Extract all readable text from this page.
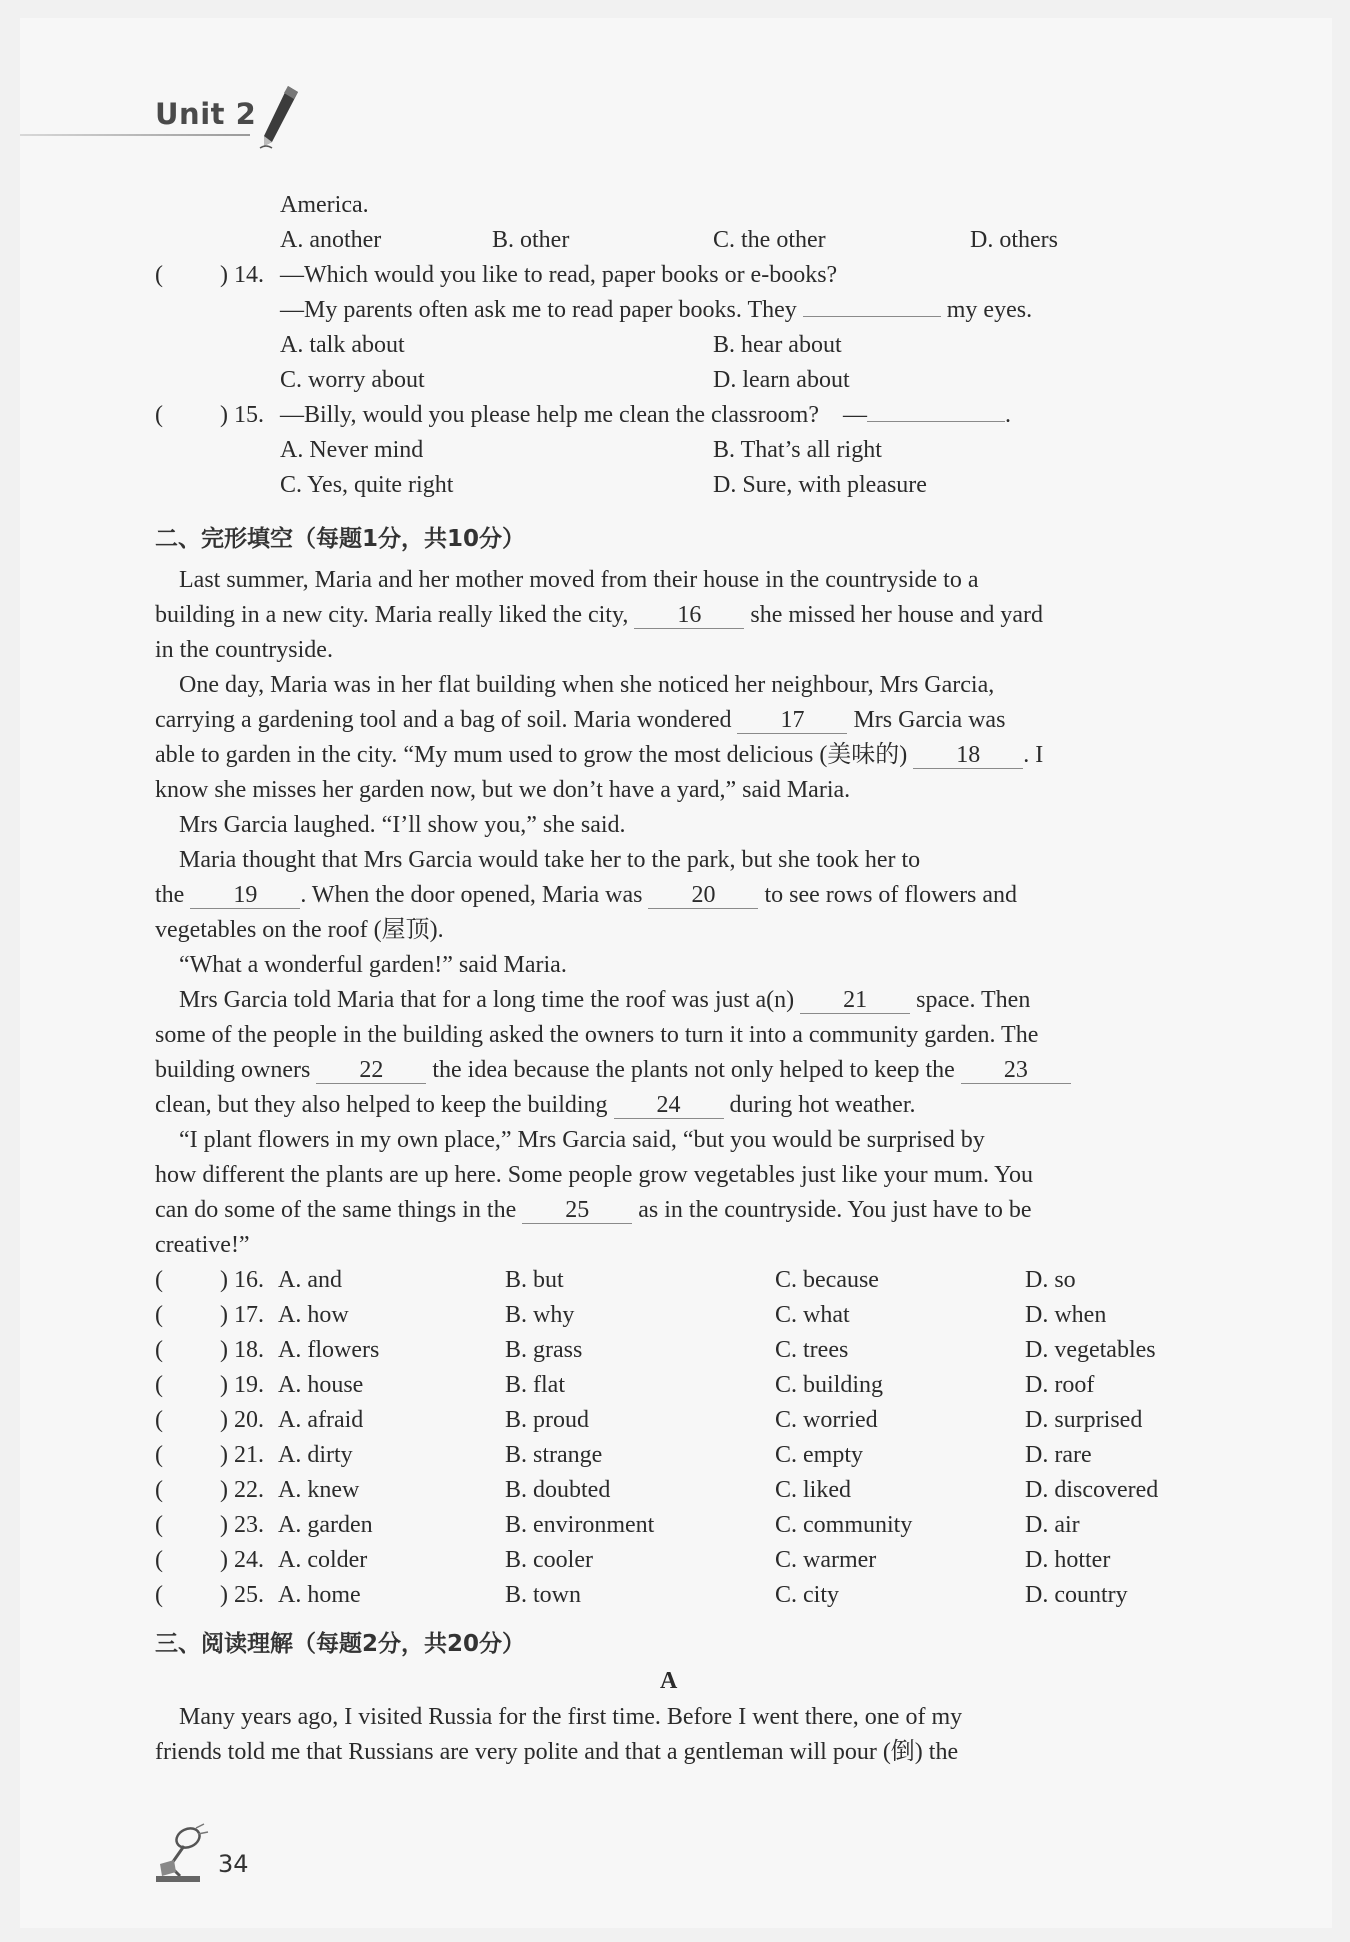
Unit 2
America.
A. another	B. other	C. the other	D. others
( ) 14. —Which would you like to read, paper books or e-books?
—My parents often ask me to read paper books. They	my eyes.
A. talk about	B. hear about
C. worry about	D. learn about
( ) 15. —Billy, would you please help me clean the classroom? —	.
A. Never mind	B. That’s all right
C. Yes, quite right	D. Sure, with pleasure
二、完形填空（每题1分，共10分）
Last summer, Maria and her mother moved from their house in the countryside to a
building in a new city. Maria really liked the city, 16 she missed her house and yard
in the countryside.
One day, Maria was in her flat building when she noticed her neighbour, Mrs Garcia,
carrying a gardening tool and a bag of soil. Maria wondered 17 Mrs Garcia was
able to garden in the city. “My mum used to grow the most delicious (美味的) 18 . I
know she misses her garden now, but we don’t have a yard,” said Maria.
Mrs Garcia laughed. “I’ll show you,” she said.
Maria thought that Mrs Garcia would take her to the park, but she took her to
the 19 . When the door opened, Maria was 20 to see rows of flowers and
vegetables on the roof (屋顶).
“What a wonderful garden!” said Maria.
Mrs Garcia told Maria that for a long time the roof was just a(n) 21 space. Then
some of the people in the building asked the owners to turn it into a community garden. The
building owners 22 the idea because the plants not only helped to keep the 23
clean, but they also helped to keep the building 24 during hot weather.
“I plant flowers in my own place,” Mrs Garcia said, “but you would be surprised by
how different the plants are up here. Some people grow vegetables just like your mum. You
can do some of the same things in the 25 as in the countryside. You just have to be
creative!”
( ) 16. A. and	B. but	C. because	D. so
( ) 17. A. how	B. why	C. what	D. when
( ) 18. A. flowers	B. grass	C. trees	D. vegetables
( ) 19. A. house	B. flat	C. building	D. roof
( ) 20. A. afraid	B. proud	C. worried	D. surprised
( ) 21. A. dirty	B. strange	C. empty	D. rare
( ) 22. A. knew	B. doubted	C. liked	D. discovered
( ) 23. A. garden	B. environment	C. community	D. air
( ) 24. A. colder	B. cooler	C. warmer	D. hotter
( ) 25. A. home	B. town	C. city	D. country
三、阅读理解（每题2分，共20分）
A
Many years ago, I visited Russia for the first time. Before I went there, one of my
friends told me that Russians are very polite and that a gentleman will pour (倒) the
34
